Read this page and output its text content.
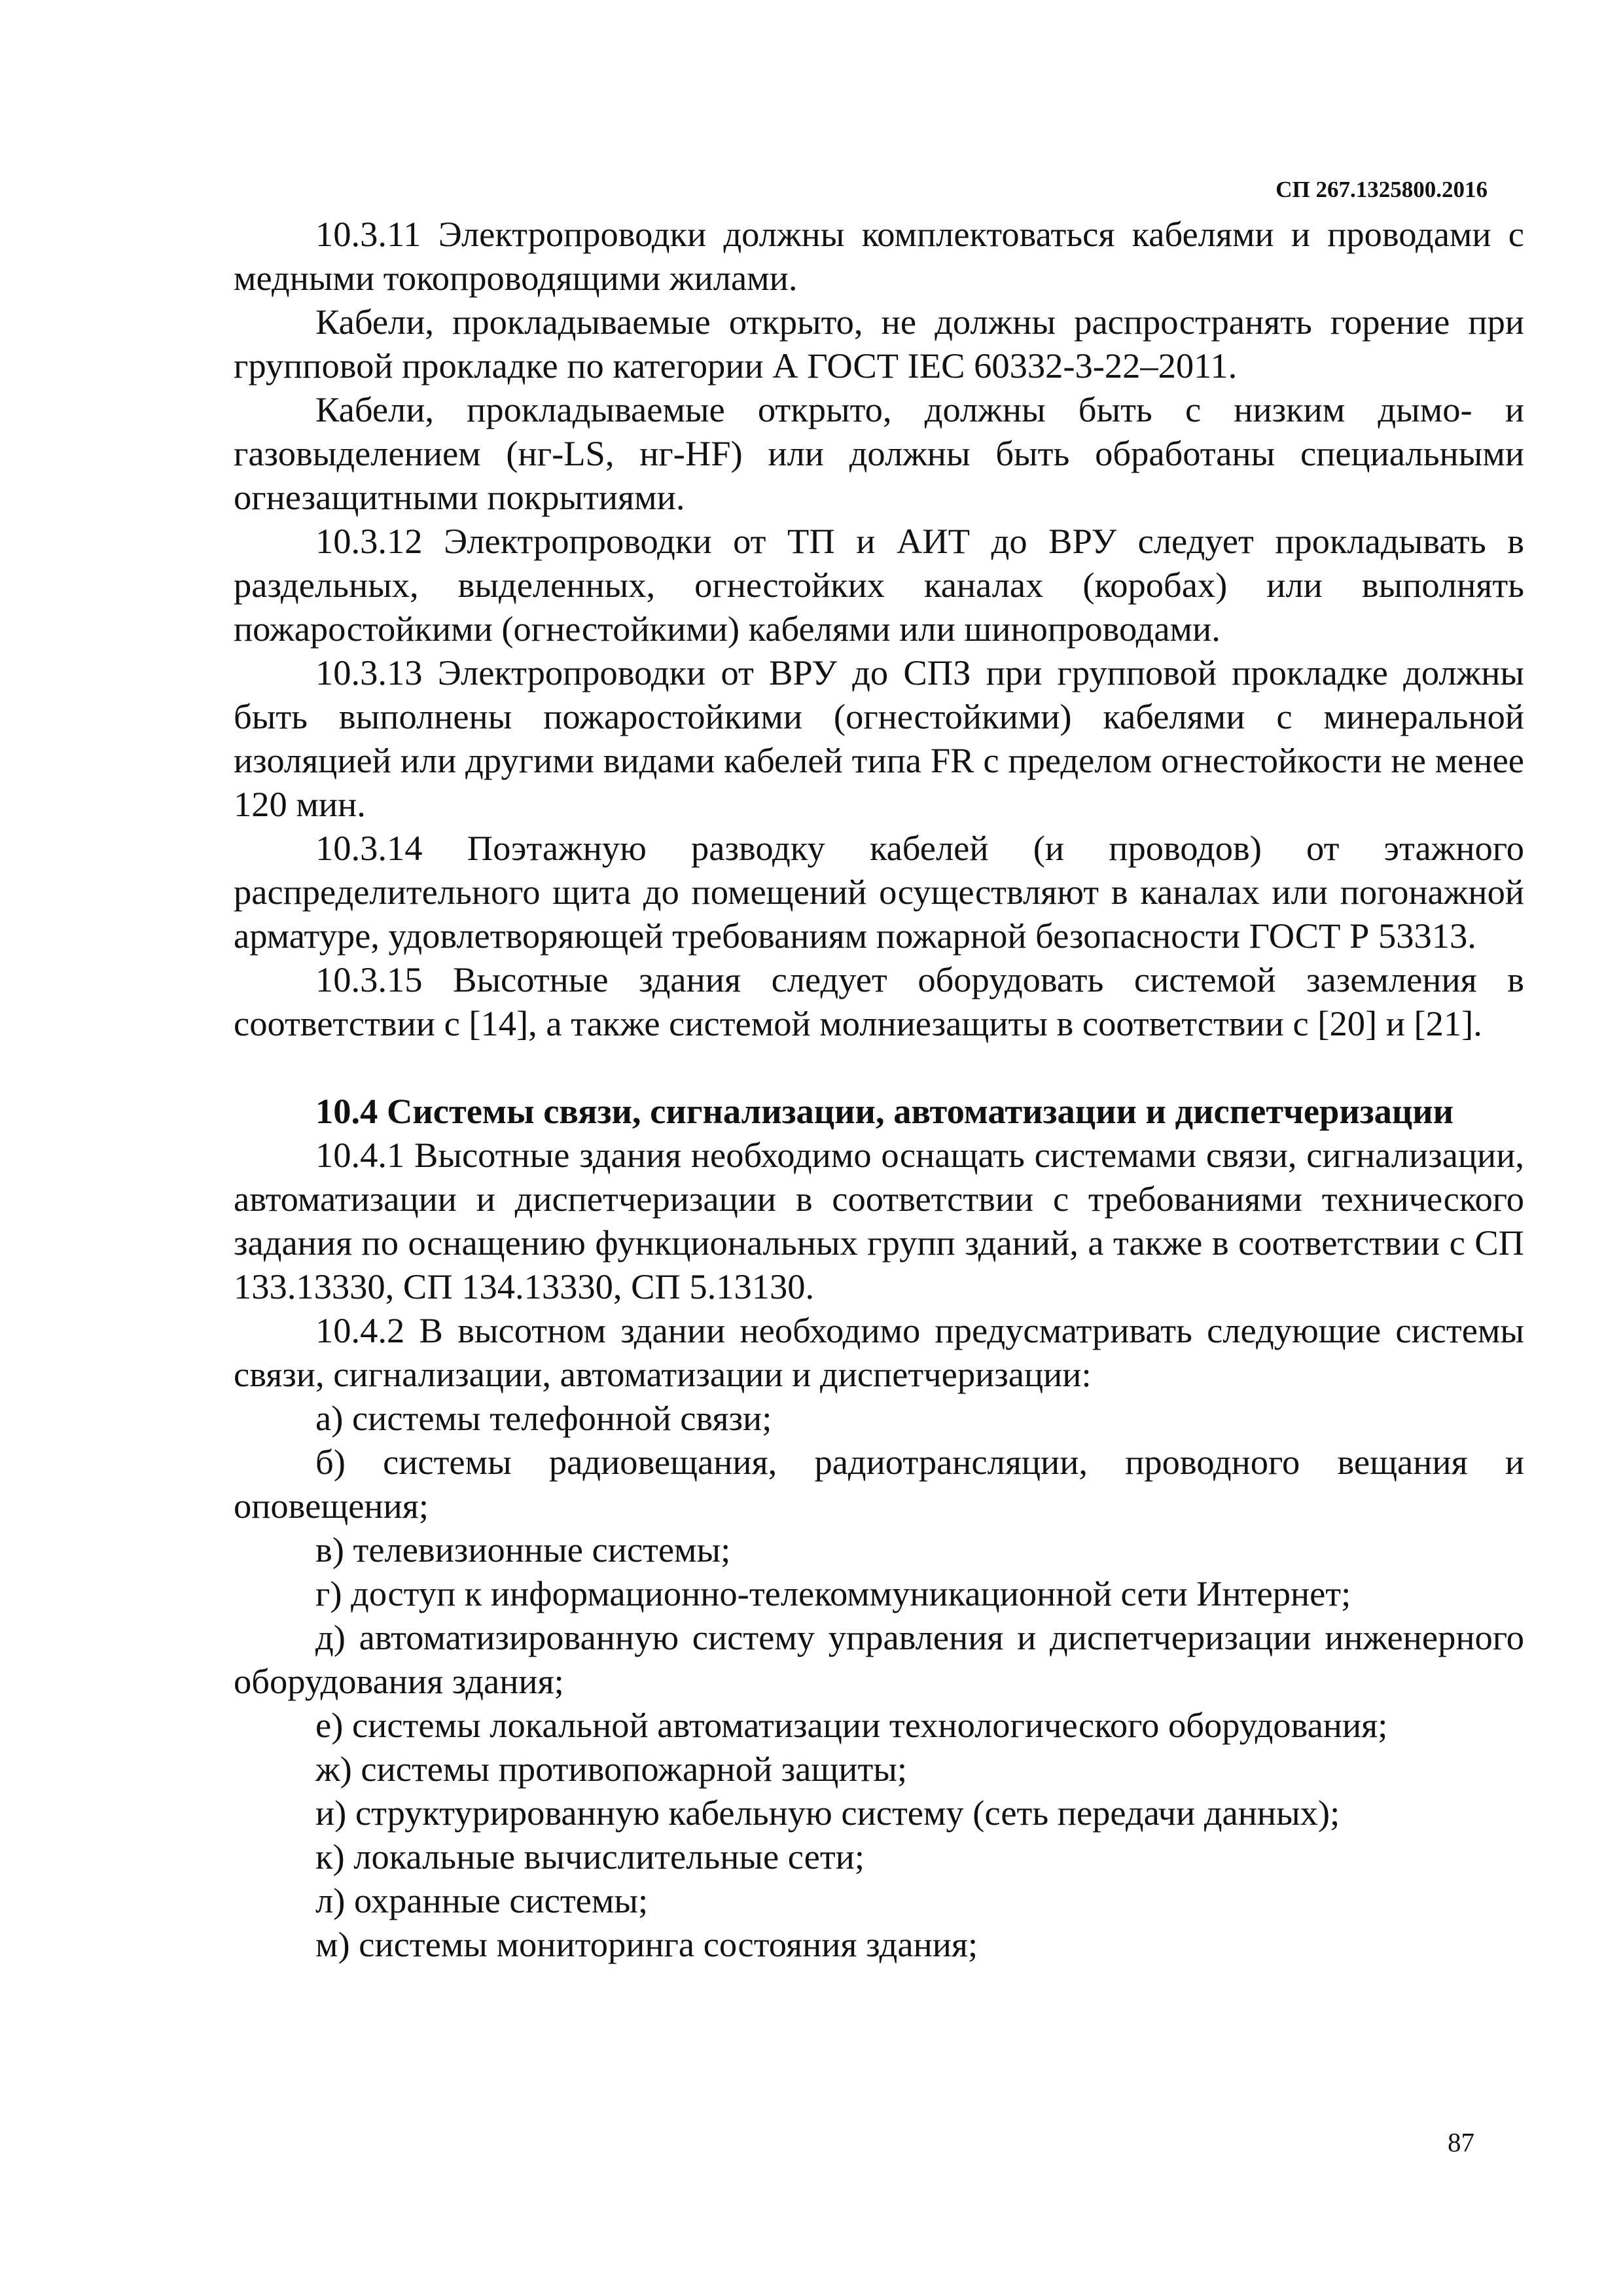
СП 267.1325800.2016

10.3.11 Электропроводки должны комплектоваться кабелями и проводами с медными токопроводящими жилами.

Кабели, прокладываемые открыто, не должны распространять горение при групповой прокладке по категории А ГОСТ IEC 60332-3-22–2011.

Кабели, прокладываемые открыто, должны быть с низким дымо- и газовыделением (нг-LS, нг-HF) или должны быть обработаны специальными огнезащитными покрытиями.

10.3.12 Электропроводки от ТП и АИТ до ВРУ следует прокладывать в раздельных, выделенных, огнестойких каналах (коробах) или выполнять пожаростойкими (огнестойкими) кабелями или шинопроводами.

10.3.13 Электропроводки от ВРУ до СПЗ при групповой прокладке должны быть выполнены пожаростойкими (огнестойкими) кабелями с минеральной изоляцией или другими видами кабелей типа FR с пределом огнестойкости не менее 120 мин.

10.3.14 Поэтажную разводку кабелей (и проводов) от этажного распределительного щита до помещений осуществляют в каналах или погонажной арматуре, удовлетворяющей требованиям пожарной безопасности ГОСТ Р 53313.

10.3.15 Высотные здания следует оборудовать системой заземления в соответствии с [14], а также системой молниезащиты в соответствии с [20] и [21].

10.4 Системы связи, сигнализации, автоматизации и диспетчеризации

10.4.1 Высотные здания необходимо оснащать системами связи, сигнализации, автоматизации и диспетчеризации в соответствии с требованиями технического задания по оснащению функциональных групп зданий, а также в соответствии с СП 133.13330, СП 134.13330, СП 5.13130.

10.4.2 В высотном здании необходимо предусматривать следующие системы связи, сигнализации, автоматизации и диспетчеризации:

а) системы телефонной связи;

б) системы радиовещания, радиотрансляции, проводного вещания и оповещения;

в) телевизионные системы;

г) доступ к информационно-телекоммуникационной сети Интернет;

д) автоматизированную систему управления и диспетчеризации инженерного оборудования здания;

е) системы локальной автоматизации технологического оборудования;

ж) системы противопожарной защиты;

и) структурированную кабельную систему (сеть передачи данных);

к) локальные вычислительные сети;

л) охранные системы;

м) системы мониторинга состояния здания;

87
